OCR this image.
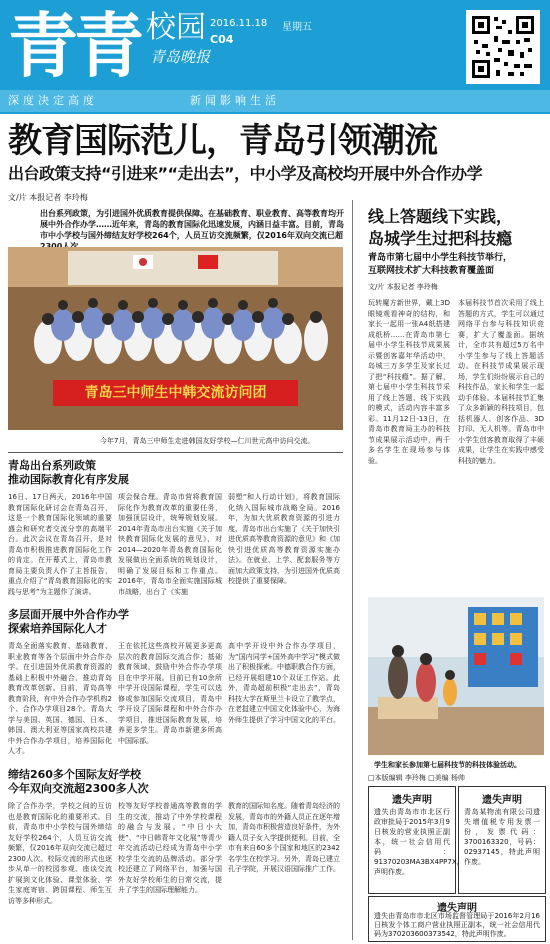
青青 校园
青岛晚报
2016.11.18 星期五
C04
深度决定高度	新闻影响生活
教育国际范儿，青岛引领潮流
出台政策支持“引进来”“走出去”，中小学及高校均开展中外合作办学
文/片 本报记者 李玲梅
出台系列政策，为引进国外优质教育提供保障。在基础教育、职业教育、高等教育均开展中外合作办学……近年来，青岛的教育国际化迅速发展，内涵日益丰富。目前，青岛市中小学校与国外缔结友好学校264个，人员互访交流频繁，仅2016年双向交流已超
青岛三中师生中韩交流访问团
今年7月，青岛三中师生走进韩国友好学校—仁川世元高中访问交流。
青岛出台系列政策
推动国际教育化有序发展
16日、17日两天，2016年中国教育国际化研讨会在青岛召开，这是一个教育国际化领域的重要盛会和研究者交流分享的高端平台。此次会议在青岛召开，是对青岛市积极推进教育国际化工作的肯定。在开幕式上，青岛市教育局主要负责人作了主旨报告，重点介绍了“青岛教育国际化的实践与思考”为主题作了演讲。
项会保合理。青岛市营将教育国际化作为教育改革的重要任务，加强顶层设计，统筹规划发展。2014年青岛市出台实施《关于加快教育国际化发展的意见》，对2014—2020年青岛教育国际化发展做出全面系统的规划设计，明确了发展目标和工作重点。2016年，青岛市全面实施国际城市战略，出台了《实施
弱塑“和人行动计划》，将教育国际化纳入国际城市战略全局。2016年，为加大优质教育资源的引进力度，青岛市出台实施了《关于加快引进优质高等教育资源的意见》和《加快引进优质高等教育资源实施办法》。在就业、上学、配套服务等方面加大政策支持，为引进国外优质高校提供了重要保障。
多层面开展中外合作办学
探索培养国际化人才
青岛全面落实教育、基础教育、职业教育等各个层面中外合作办学。在引进国外优质教育资源的基础上积极中外融合，推动青岛教育改革创新。目前，青岛高等教育阶段，有中外合作办学机构2个、合作办学项目28个。青岛大学与美国、英国、德国、日本、韩国、澳大利亚等国家高校共建中外合作办学项目，培养国际化人才。
王在依托这些高校开展更多更高层次的教育国际交流合作；基础教育领域，鼓励中外合作办学项目在中学开展。目前已有10余所中学开设国际课程，学生可以选修或参加国际交流项目，青岛中学开设了国际课程和中外合作办学项目，推进国际教育发展，培养更多学生。青岛市新建多所高中国际部。
高中学开设中外合作办学项目，为“国内同学+国外高中学习”模式做出了积极探索。中德职教合作方面，已经开展组建10个双证工作站。此外，青岛超前积极“走出去”，青岛科技大学在斯里兰卡设立了教学点，在老挝建立中国文化体验中心，为海外师生提供了学习中国文化的平台。
缔结260多个国际友好学校
今年双向交流超2300多人次
除了合作办学，学校之间的互访也是教育国际化的重要形式。目前，青岛市中小学校与国外缔结友好学校264个，人员互访交流频繁，仅2016年双向交流已超过2300人次。校际交流的形式也逐步从单一的校园参观、座谈交流扩展到文化体验、课堂体验、学生家庭寄宿、跨国课程、师生互访等多种形式。
校等友好学校普通高等教育的学生的交流，推动了中外学校课程的融合与发展。“中日小大使”、“中日韩青年文化展”等青少年交流活动已经成为青岛中小学校学生交流的品牌活动。部分学校还建立了网络平台，加强与国外友好学校师生的日常交流，提升了学生的国际理解能力。
教育的国际知名度。随着青岛经济的发展，青岛市的外籍人员正在逐年增加，青岛市积极营造良好条件，为外籍人员子女入学提供便利。目前，全市有来自60多个国家和地区的2342名学生在校学习。另外，青岛已建立孔子学院，开展汉语国际推广工作。
线上答题线下实践，
岛城学生过把科技瘾
青岛市第七届中小学生科技节举行，
互联网技术扩大科技教育覆盖面
文/片 本报记者 李玲梅
玩转魔方新世界，戴上3D眼镜观看神奇的结构，和家长一起用一张A4纸搭建成纸桥……在青岛市第七届中小学生科技节成果展示暨创客嘉年华活动中，岛城三万多学生及家长过了把“科技瘾”。据了解，第七届中小学生科技节采用了线上答题、线下实践的模式，活动内容丰富多彩。11月12日-13日，在青岛市教育局主办的科技节成果展示活动中，两千多名学生在现场参与体验。
本届科技节首次采用了线上答题的方式，学生可以通过网络平台参与科技知识竞赛，扩大了覆盖面。据统计，全市共有超过5万名中小学生参与了线上答题活动。在科技节成果展示现场，学生们纷纷展示自己的科技作品，家长和学生一起动手体验。本届科技节汇集了众多新颖的科技项目，包括机器人、创客作品、3D打印、无人机等。青岛市中小学生创客教育取得了丰硕成果，让学生在实践中感受科技的魅力。
学生和家长参加第七届科技节的科技体验活动。
□本版编辑 李玲梅 □美编 杨帅
遗失声明
遗失由青岛市市北区行政审批局于2015年3月9日核发的营业执照正副本，统一社会信用代码：91370203MA3BX4PP7X，声明作废。
遗失声明
青岛某物流有限公司遗失增值税专用发票一份，发票代码：3700163320，号码：02937145，特此声明作废。
遗失声明
遗失由青岛市市北区市场监督管理局于2016年2月16日核发个体工商户营业执照正副本，统一社会信用代码为370203600373542，特此声明作废。
